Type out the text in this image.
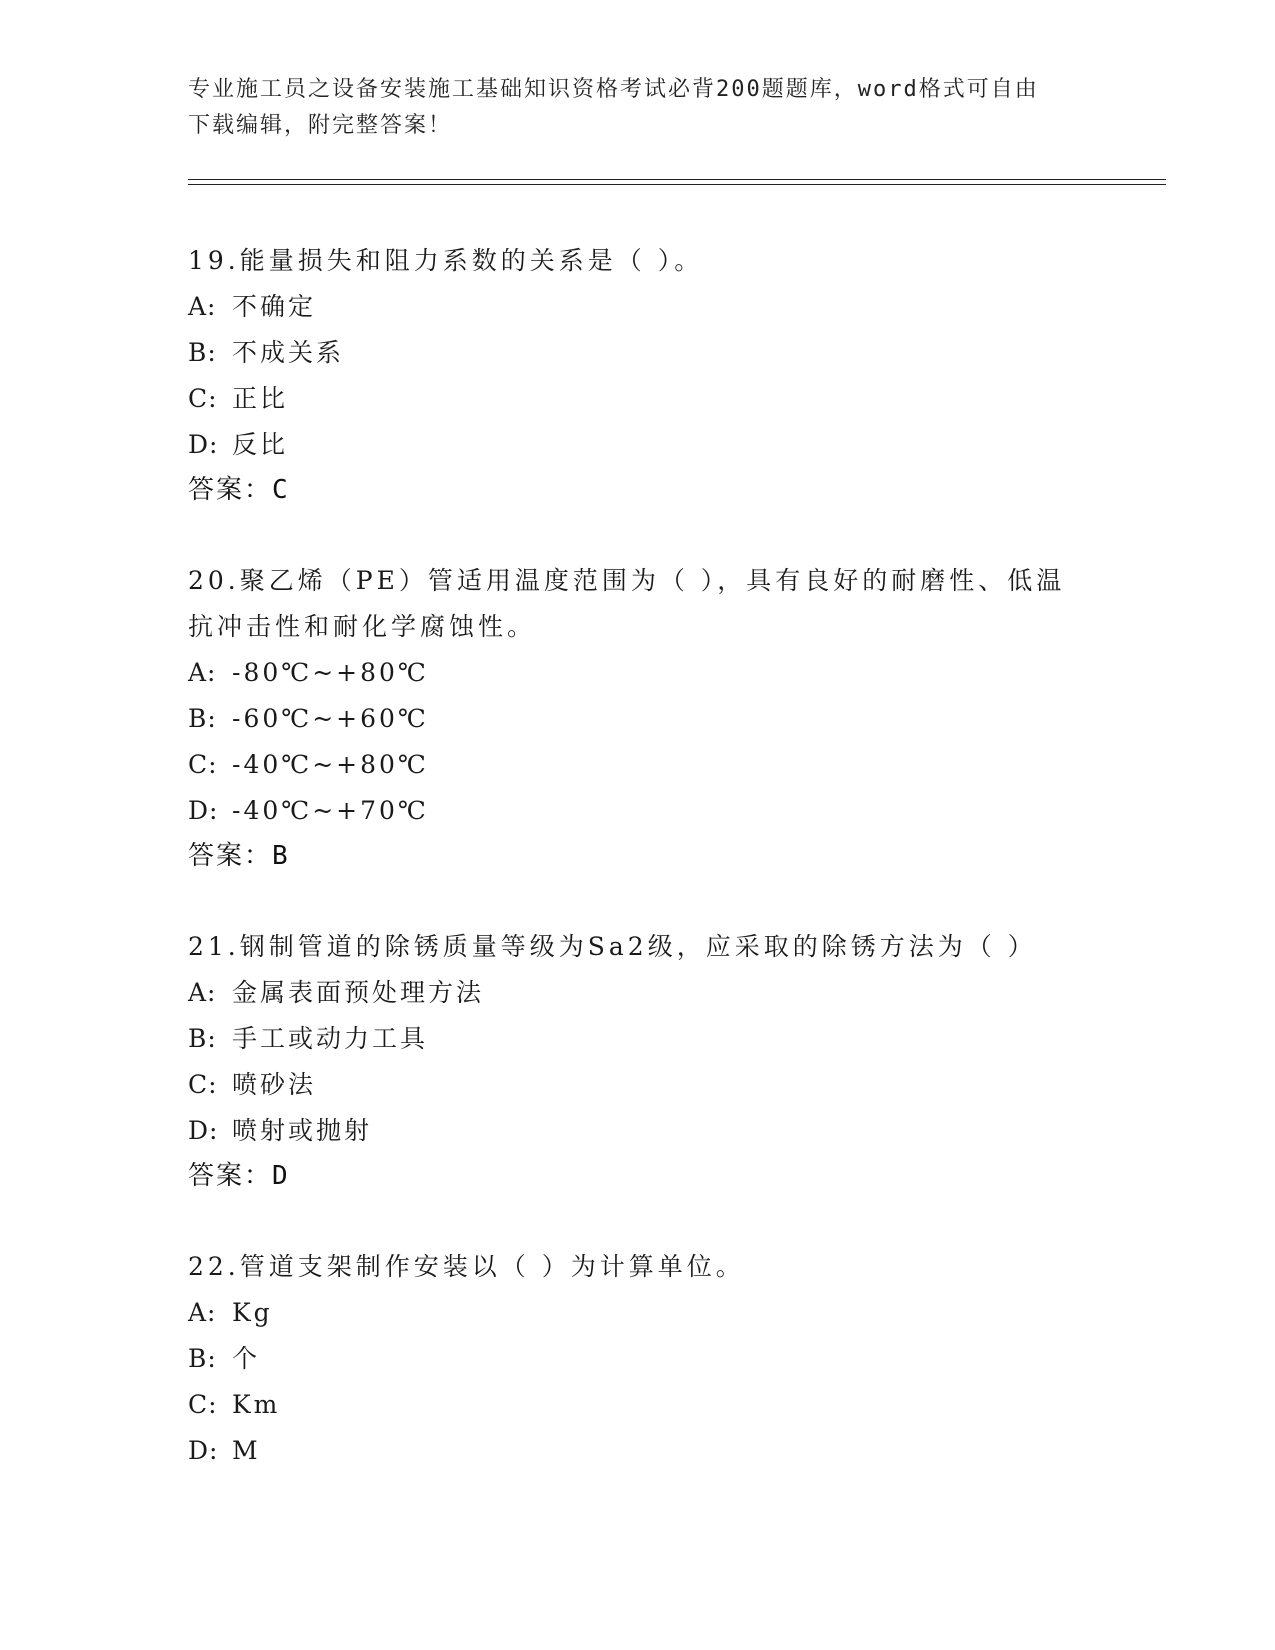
专业施工员之设备安装施工基础知识资格考试必背200题题库，word格式可自由
下载编辑，附完整答案！

19.能量损失和阻力系数的关系是（ ）。

A: 不确定

B: 不成关系

C: 正比

D: 反比

答案：C

20.聚乙烯（PE）管适用温度范围为（ ），具有良好的耐磨性、低温

抗冲击性和耐化学腐蚀性。

A: -80℃~+80℃

B: -60℃~+60℃

C: -40℃~+80℃

D: -40℃~+70℃

答案：B

21.钢制管道的除锈质量等级为Sa2级，应采取的除锈方法为（ ）

A: 金属表面预处理方法

B: 手工或动力工具

C: 喷砂法

D: 喷射或抛射

答案：D

22.管道支架制作安装以（ ）为计算单位。

A: Kg

B: 个

C: Km

D: M
